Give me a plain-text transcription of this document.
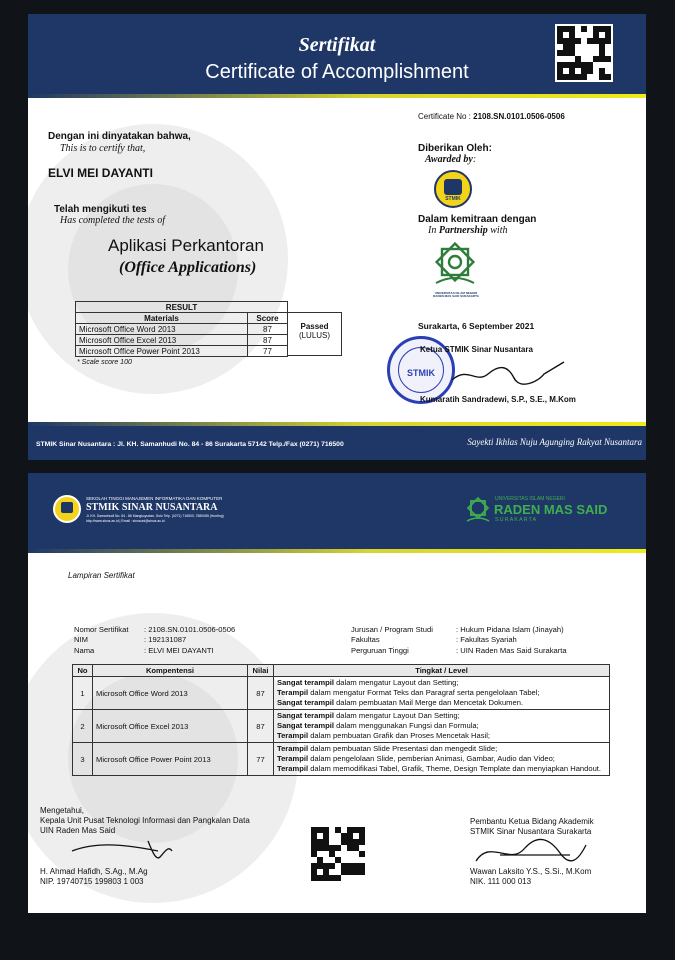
Sertifikat
Certificate of Accomplishment
Certificate No : 2108.SN.0101.0506-0506
Dengan ini dinyatakan bahwa,
This is to certify that,
ELVI MEI DAYANTI
Telah mengikuti tes
Has completed the tests of
Aplikasi Perkantoran
(Office Applications)
RESULT	
Materials	Score
Microsoft Office Word 2013	87
Microsoft Office Excel 2013	87
Microsoft Office Power Point 2013	77
Passed
(LULUS)
* Scale score 100
Diberikan Oleh:
Awarded by:
STMIK
Dalam kemitraan dengan
In Partnership with
UNIVERSITAS ISLAM NEGERI RADEN MAS SAID SURAKARTA
Surakarta, 6 September 2021
STMIK
Ketua STMIK Sinar Nusantara
Kumaratih Sandradewi, S.P., S.E., M.Kom
STMIK Sinar Nusantara : Jl. KH. Samanhudi No. 84 - 86 Surakarta 57142 Telp./Fax (0271) 716500	Sayekti Ikhlas Nuju Agunging Rakyat Nusantara
SEKOLAH TINGGI MANAJEMEN INFORMATIKA DAN KOMPUTER
STMIK SINAR NUSANTARA
Jl. KH. Samanhudi No. 84 - 86 Mangkuyudan, Solo Telp. (0271) 716500, 7680085 (Hunting)
http://www.sinus.ac.id | Email : sinusuni@sinus.ac.id
UNIVERSITAS ISLAM NEGERI
RADEN MAS SAID
SURAKARTA
Lampiran Sertifikat
Nomor Sertifikat : 2108.SN.0101.0506-0506
NIM	: 192131087
Nama	: ELVI MEI DAYANTI
Jurusan / Program Studi	: Hukum Pidana Islam (Jinayah)
Fakultas	: Fakultas Syariah
Perguruan Tinggi	: UIN Raden Mas Said Surakarta
No	Kompentensi	Nilai	Tingkat / Level
1	Microsoft Office Word 2013	87	Sangat terampil dalam mengatur Layout dan Setting;
Terampil dalam mengatur Format Teks dan Paragraf serta pengelolaan Tabel;
Sangat terampil dalam pembuatan Mail Merge dan Mencetak Dokumen.

2	Microsoft Office Excel 2013	87	Sangat terampil dalam mengatur Layout Dan Setting;
Sangat terampil dalam menggunakan Fungsi dan Formula;
Terampil dalam pembuatan Grafik dan Proses Mencetak Hasil;

3	Microsoft Office Power Point 2013	77	Terampil dalam pembuatan Slide Presentasi dan mengedit Slide;
Terampil dalam pengelolaan Slide, pemberian Animasi, Gambar, Audio dan Video;
Terampil dalam memodifikasi Tabel, Grafik, Theme, Design Template dan menyiapkan Handout.
Mengetahui,
Kepala Unit Pusat Teknologi Informasi dan Pangkalan Data
UIN Raden Mas Said
H. Ahmad Hafidh, S.Ag., M.Ag
NIP. 19740715 199803 1 003
Pembantu Ketua Bidang Akademik
STMIK Sinar Nusantara Surakarta
Wawan Laksito Y.S., S.Si., M.Kom
NIK. 111 000 013
